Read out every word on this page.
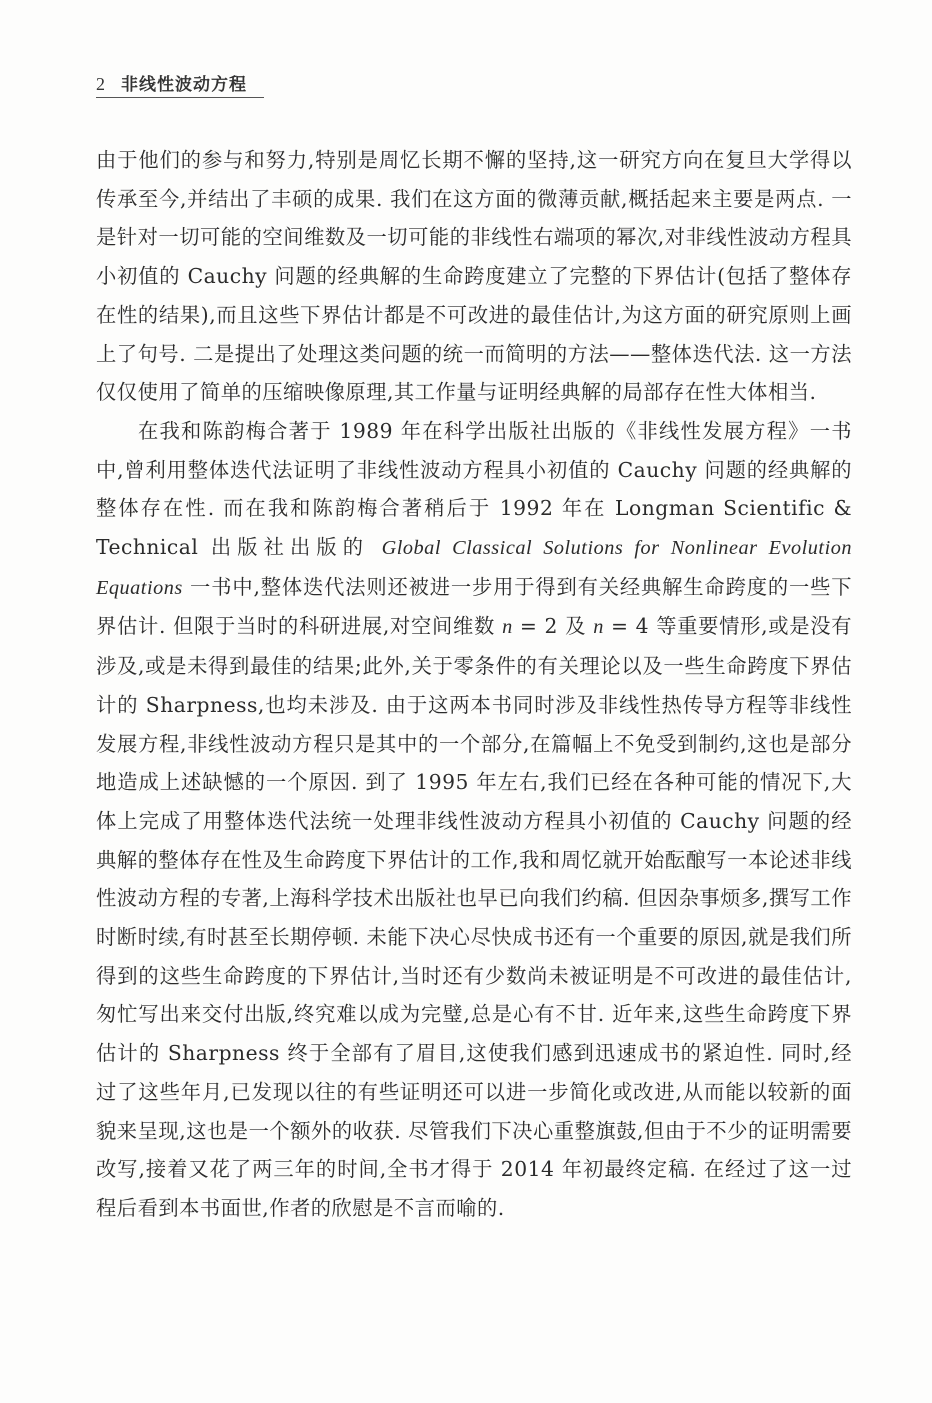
2 非线性波动方程

由于他们的参与和努力,特别是周忆长期不懈的坚持,这一研究方向在复旦大学得以传承至今,并结出了丰硕的成果. 我们在这方面的微薄贡献,概括起来主要是两点. 一是针对一切可能的空间维数及一切可能的非线性右端项的幂次,对非线性波动方程具小初值的 Cauchy 问题的经典解的生命跨度建立了完整的下界估计(包括了整体存在性的结果),而且这些下界估计都是不可改进的最佳估计,为这方面的研究原则上画上了句号. 二是提出了处理这类问题的统一而简明的方法——整体迭代法. 这一方法仅仅使用了简单的压缩映像原理,其工作量与证明经典解的局部存在性大体相当.

在我和陈韵梅合著于 1989 年在科学出版社出版的《非线性发展方程》一书中,曾利用整体迭代法证明了非线性波动方程具小初值的 Cauchy 问题的经典解的整体存在性. 而在我和陈韵梅合著稍后于 1992 年在 Longman Scientific & Technical 出版社出版的 Global Classical Solutions for Nonlinear Evolution Equations 一书中,整体迭代法则还被进一步用于得到有关经典解生命跨度的一些下界估计. 但限于当时的科研进展,对空间维数 n = 2 及 n = 4 等重要情形,或是没有涉及,或是未得到最佳的结果;此外,关于零条件的有关理论以及一些生命跨度下界估计的 Sharpness,也均未涉及. 由于这两本书同时涉及非线性热传导方程等非线性发展方程,非线性波动方程只是其中的一个部分,在篇幅上不免受到制约,这也是部分地造成上述缺憾的一个原因. 到了 1995 年左右,我们已经在各种可能的情况下,大体上完成了用整体迭代法统一处理非线性波动方程具小初值的 Cauchy 问题的经典解的整体存在性及生命跨度下界估计的工作,我和周忆就开始酝酿写一本论述非线性波动方程的专著,上海科学技术出版社也早已向我们约稿. 但因杂事烦多,撰写工作时断时续,有时甚至长期停顿. 未能下决心尽快成书还有一个重要的原因,就是我们所得到的这些生命跨度的下界估计,当时还有少数尚未被证明是不可改进的最佳估计,匆忙写出来交付出版,终究难以成为完璧,总是心有不甘. 近年来,这些生命跨度下界估计的 Sharpness 终于全部有了眉目,这使我们感到迅速成书的紧迫性. 同时,经过了这些年月,已发现以往的有些证明还可以进一步简化或改进,从而能以较新的面貌来呈现,这也是一个额外的收获. 尽管我们下决心重整旗鼓,但由于不少的证明需要改写,接着又花了两三年的时间,全书才得于 2014 年初最终定稿. 在经过了这一过程后看到本书面世,作者的欣慰是不言而喻的.
